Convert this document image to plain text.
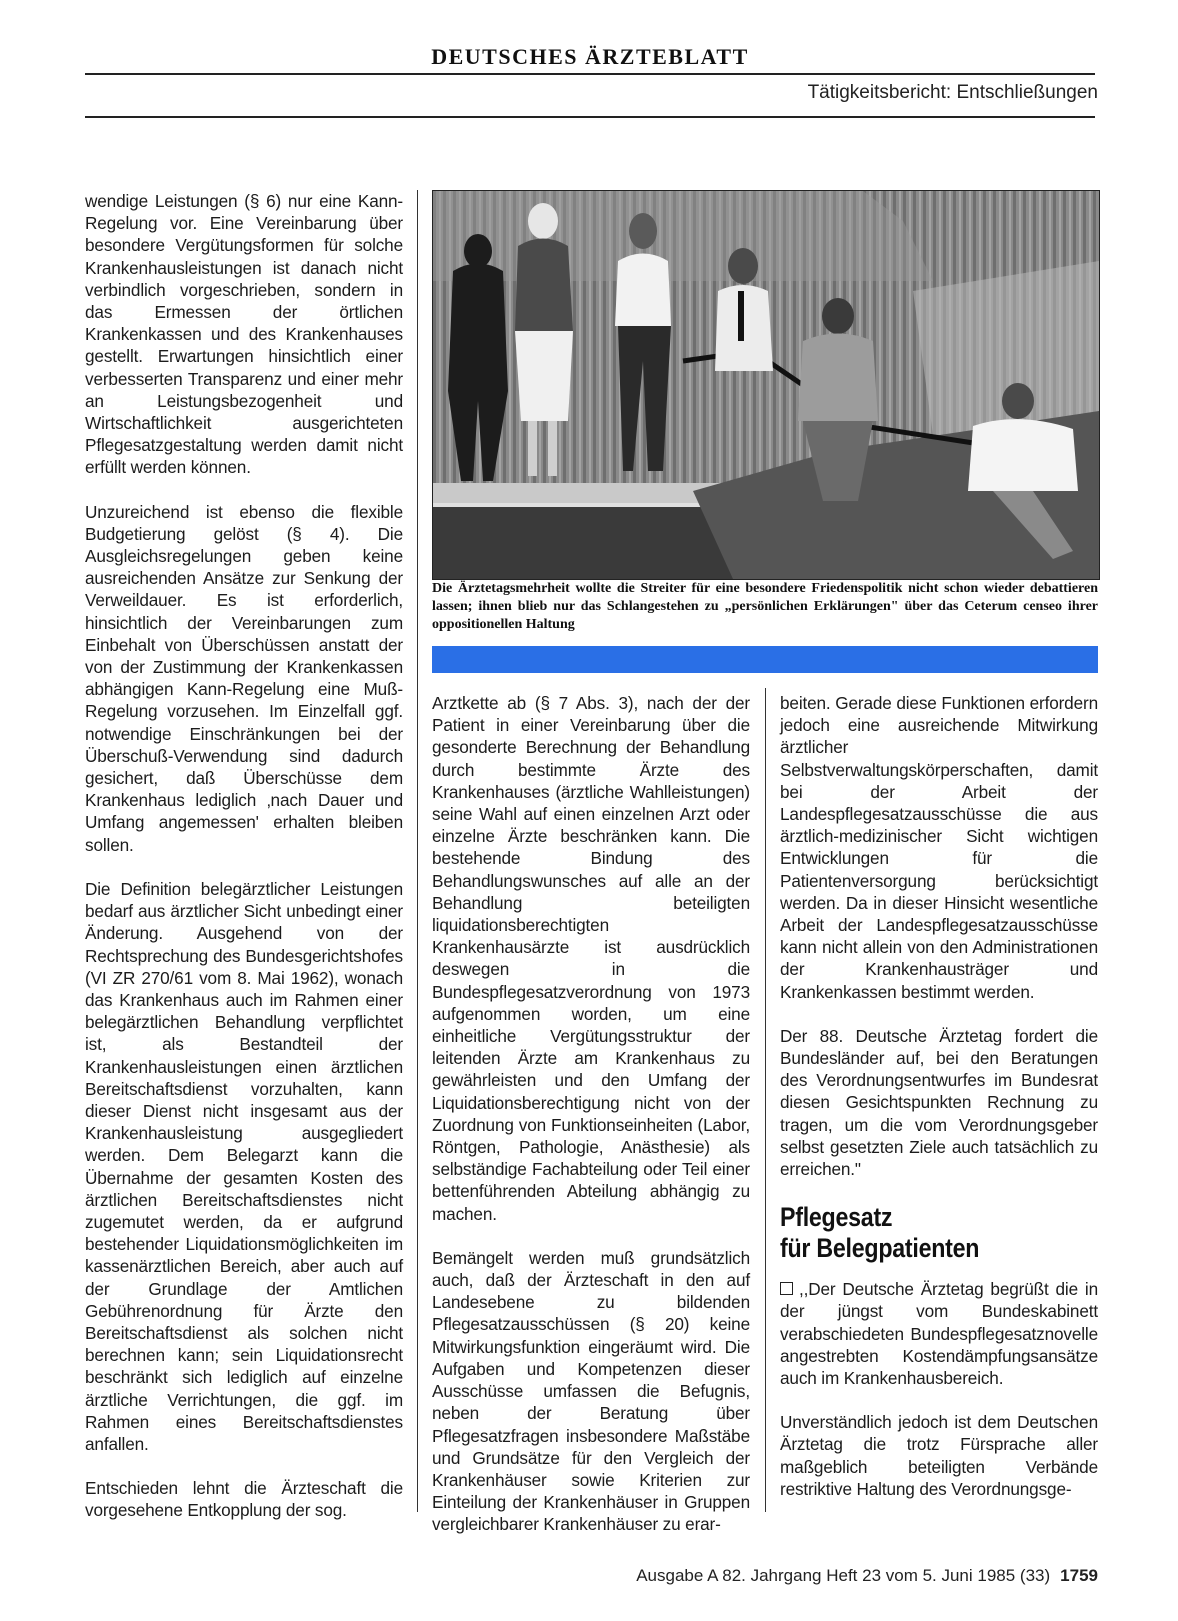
DEUTSCHES ÄRZTEBLATT
Tätigkeitsbericht: Entschließungen

wendige Leistungen (§ 6) nur eine Kann-Regelung vor. Eine Vereinbarung über besondere Vergütungsformen für solche Krankenhausleistungen ist danach nicht verbindlich vorgeschrieben, sondern in das Ermessen der örtlichen Krankenkassen und des Krankenhauses gestellt. Erwartungen hinsichtlich einer verbesserten Transparenz und einer mehr an Leistungsbezogenheit und Wirtschaftlichkeit ausgerichteten Pflegesatzgestaltung werden damit nicht erfüllt werden können.

Unzureichend ist ebenso die flexible Budgetierung gelöst (§ 4). Die Ausgleichsregelungen geben keine ausreichenden Ansätze zur Senkung der Verweildauer. Es ist erforderlich, hinsichtlich der Vereinbarungen zum Einbehalt von Überschüssen anstatt der von der Zustimmung der Krankenkassen abhängigen Kann-Regelung eine Muß-Regelung vorzusehen. Im Einzelfall ggf. notwendige Einschränkungen bei der Überschuß-Verwendung sind dadurch gesichert, daß Überschüsse dem Krankenhaus lediglich ‚nach Dauer und Umfang angemessen' erhalten bleiben sollen.

Die Definition belegärztlicher Leistungen bedarf aus ärztlicher Sicht unbedingt einer Änderung. Ausgehend von der Rechtsprechung des Bundesgerichtshofes (VI ZR 270/61 vom 8. Mai 1962), wonach das Krankenhaus auch im Rahmen einer belegärztlichen Behandlung verpflichtet ist, als Bestandteil der Krankenhausleistungen einen ärztlichen Bereitschaftsdienst vorzuhalten, kann dieser Dienst nicht insgesamt aus der Krankenhausleistung ausgegliedert werden. Dem Belegarzt kann die Übernahme der gesamten Kosten des ärztlichen Bereitschaftsdienstes nicht zugemutet werden, da er aufgrund bestehender Liquidationsmöglichkeiten im kassenärztlichen Bereich, aber auch auf der Grundlage der Amtlichen Gebührenordnung für Ärzte den Bereitschaftsdienst als solchen nicht berechnen kann; sein Liquidationsrecht beschränkt sich lediglich auf einzelne ärztliche Verrichtungen, die ggf. im Rahmen eines Bereitschaftsdienstes anfallen.

Entschieden lehnt die Ärzteschaft die vorgesehene Entkopplung der sog.

Die Ärztetagsmehrheit wollte die Streiter für eine besondere Friedenspolitik nicht schon wieder debattieren lassen; ihnen blieb nur das Schlangestehen zu „persönlichen Erklärungen" über das Ceterum censeo ihrer oppositionellen Haltung

Arztkette ab (§ 7 Abs. 3), nach der der Patient in einer Vereinbarung über die gesonderte Berechnung der Behandlung durch bestimmte Ärzte des Krankenhauses (ärztliche Wahlleistungen) seine Wahl auf einen einzelnen Arzt oder einzelne Ärzte beschränken kann. Die bestehende Bindung des Behandlungswunsches auf alle an der Behandlung beteiligten liquidationsberechtigten Krankenhausärzte ist ausdrücklich deswegen in die Bundespflegesatzverordnung von 1973 aufgenommen worden, um eine einheitliche Vergütungsstruktur der leitenden Ärzte am Krankenhaus zu gewährleisten und den Umfang der Liquidationsberechtigung nicht von der Zuordnung von Funktionseinheiten (Labor, Röntgen, Pathologie, Anästhesie) als selbständige Fachabteilung oder Teil einer bettenführenden Abteilung abhängig zu machen.

Bemängelt werden muß grundsätzlich auch, daß der Ärzteschaft in den auf Landesebene zu bildenden Pflegesatzausschüssen (§ 20) keine Mitwirkungsfunktion eingeräumt wird. Die Aufgaben und Kompetenzen dieser Ausschüsse umfassen die Befugnis, neben der Beratung über Pflegesatzfragen insbesondere Maßstäbe und Grundsätze für den Vergleich der Krankenhäuser sowie Kriterien zur Einteilung der Krankenhäuser in Gruppen vergleichbarer Krankenhäuser zu erar-

beiten. Gerade diese Funktionen erfordern jedoch eine ausreichende Mitwirkung ärztlicher Selbstverwaltungskörperschaften, damit bei der Arbeit der Landespflegesatzausschüsse die aus ärztlich-medizinischer Sicht wichtigen Entwicklungen für die Patientenversorgung berücksichtigt werden. Da in dieser Hinsicht wesentliche Arbeit der Landespflegesatzausschüsse kann nicht allein von den Administrationen der Krankenhausträger und Krankenkassen bestimmt werden.

Der 88. Deutsche Ärztetag fordert die Bundesländer auf, bei den Beratungen des Verordnungsentwurfes im Bundesrat diesen Gesichtspunkten Rechnung zu tragen, um die vom Verordnungsgeber selbst gesetzten Ziele auch tatsächlich zu erreichen."

Pflegesatz
für Belegpatienten

,,Der Deutsche Ärztetag begrüßt die in der jüngst vom Bundeskabinett verabschiedeten Bundespflegesatznovelle angestrebten Kostendämpfungsansätze auch im Krankenhausbereich.

Unverständlich jedoch ist dem Deutschen Ärztetag die trotz Fürsprache aller maßgeblich beteiligten Verbände restriktive Haltung des Verordnungsge-

Ausgabe A 82. Jahrgang Heft 23 vom 5. Juni 1985 (33) 1759
